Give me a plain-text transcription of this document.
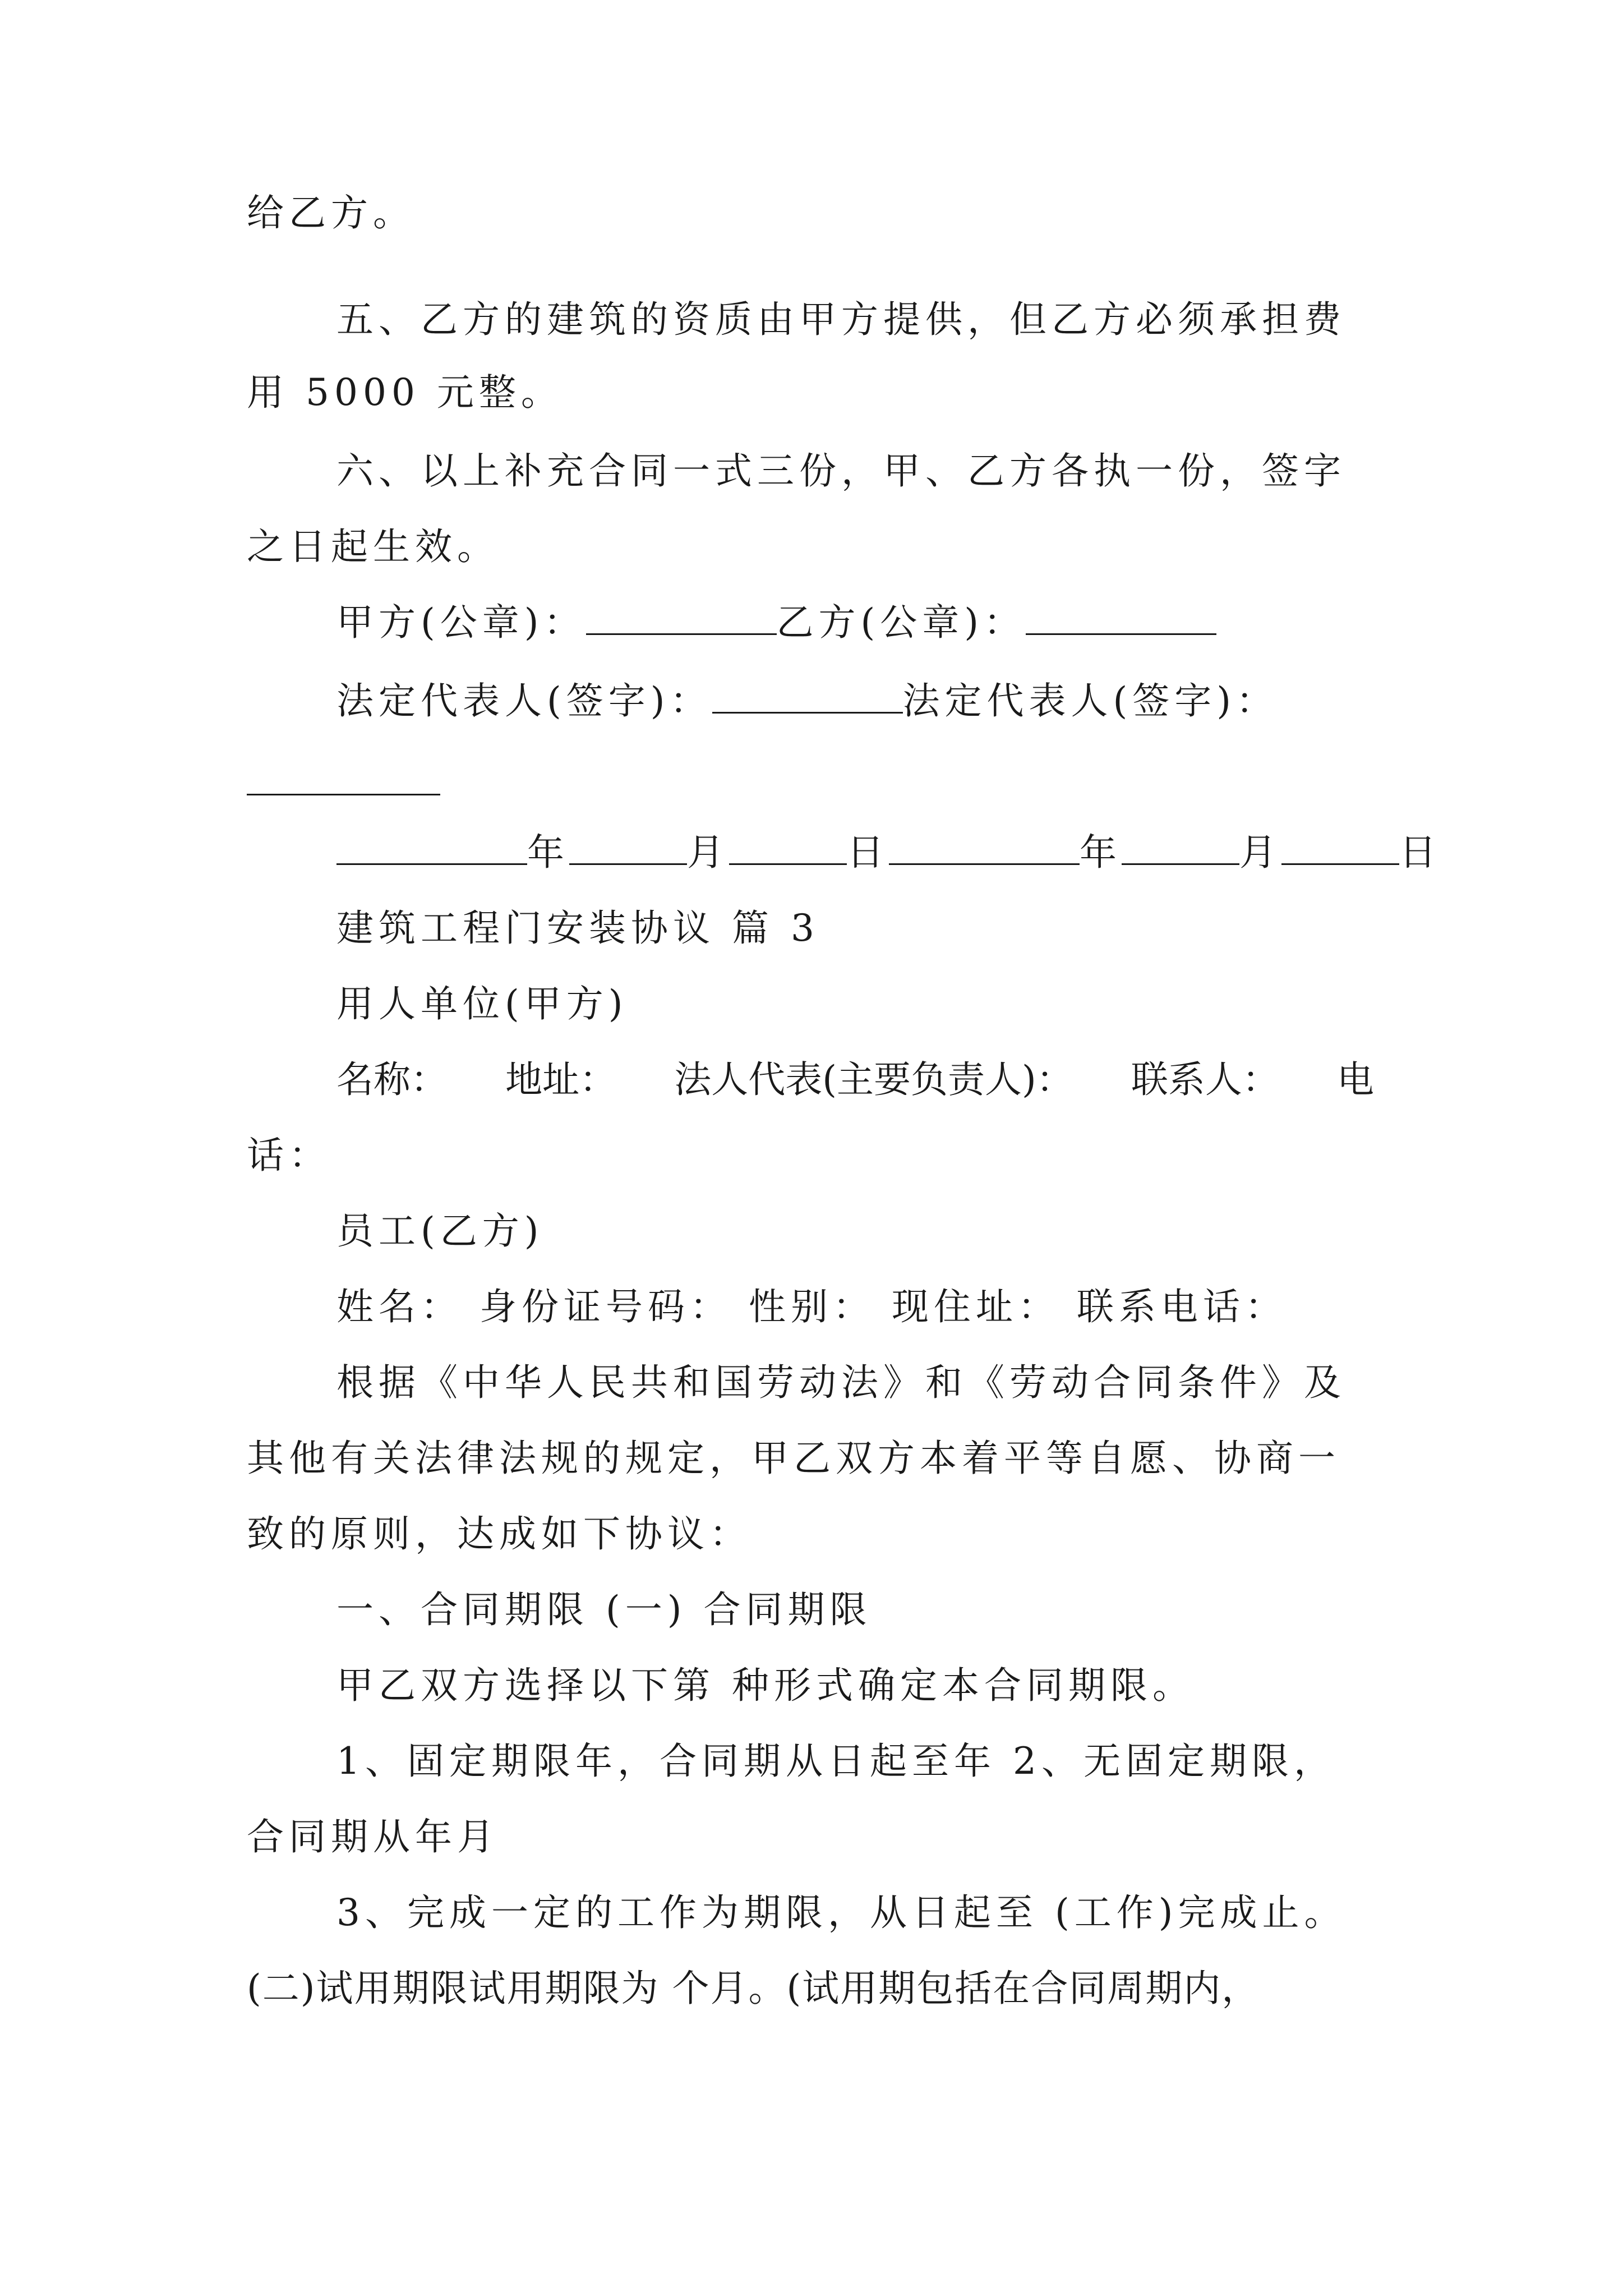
给乙方。
五、乙方的建筑的资质由甲方提供，但乙方必须承担费
用 5000 元整。
六、以上补充合同一式三份，甲、乙方各执一份，签字
之日起生效。
甲方(公章)：	乙方(公章)：
法定代表人(签字)：	法定代表人(签字)：
年	月	日	年	月	日
建筑工程门安装协议 篇 3
用人单位(甲方)
名称： 地址： 法人代表(主要负责人)： 联系人： 电
话：
员工(乙方)
姓名： 身份证号码： 性别： 现住址： 联系电话：
根据《中华人民共和国劳动法》和《劳动合同条件》及
其他有关法律法规的规定，甲乙双方本着平等自愿、协商一
致的原则，达成如下协议：
一、合同期限 (一) 合同期限
甲乙双方选择以下第 种形式确定本合同期限。
1、固定期限年，合同期从日起至年 2、无固定期限，
合同期从年月
3、完成一定的工作为期限，从日起至 (工作)完成止。
(二)试用期限试用期限为 个月。(试用期包括在合同周期内，
